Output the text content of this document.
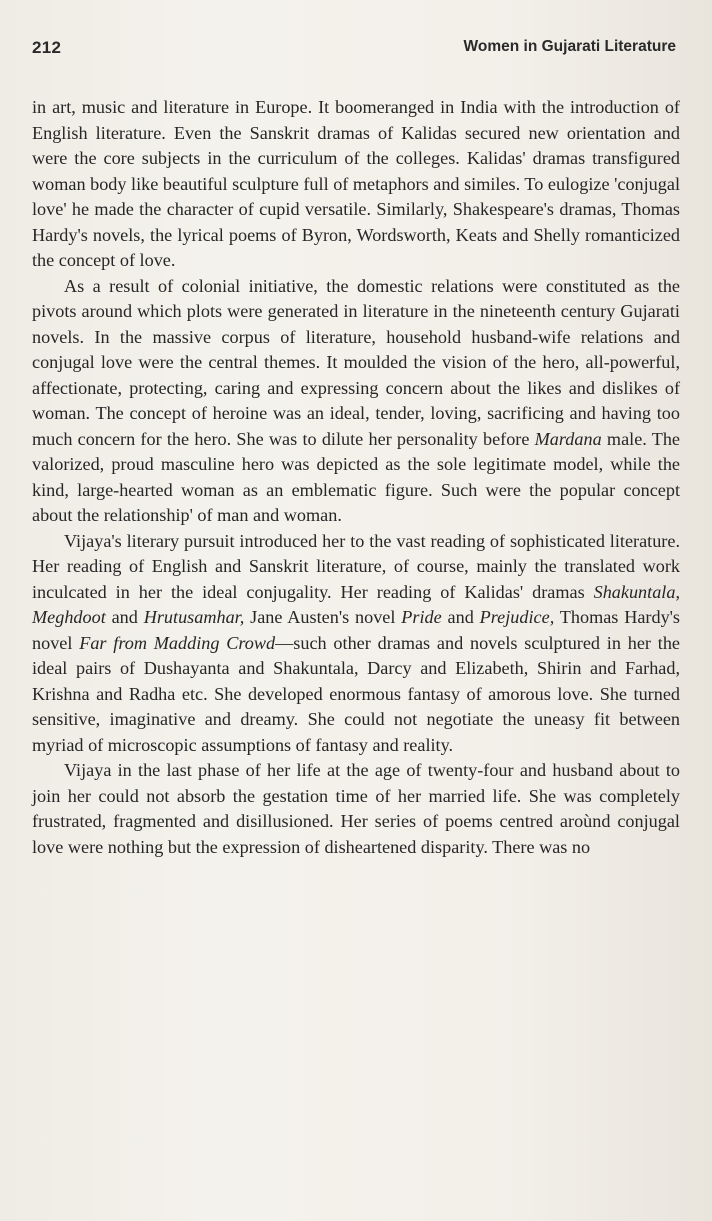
212	Women in Gujarati Literature

in art, music and literature in Europe. It boomeranged in India with the introduction of English literature. Even the Sanskrit dramas of Kalidas secured new orientation and were the core subjects in the curriculum of the colleges. Kalidas' dramas transfigured woman body like beautiful sculpture full of metaphors and similes. To eulogize 'conjugal love' he made the character of cupid versatile. Similarly, Shakespeare's dramas, Thomas Hardy's novels, the lyrical poems of Byron, Wordsworth, Keats and Shelly romanticized the concept of love.

As a result of colonial initiative, the domestic relations were constituted as the pivots around which plots were generated in literature in the nineteenth century Gujarati novels. In the massive corpus of literature, household husband-wife relations and conjugal love were the central themes. It moulded the vision of the hero, all-powerful, affectionate, protecting, caring and expressing concern about the likes and dislikes of woman. The concept of heroine was an ideal, tender, loving, sacrificing and having too much concern for the hero. She was to dilute her personality before Mardana male. The valorized, proud masculine hero was depicted as the sole legitimate model, while the kind, large-hearted woman as an emblematic figure. Such were the popular concept about the relationship' of man and woman.

Vijaya's literary pursuit introduced her to the vast reading of sophisticated literature. Her reading of English and Sanskrit literature, of course, mainly the translated work inculcated in her the ideal conjugality. Her reading of Kalidas' dramas Shakuntala, Meghdoot and Hrutusamhar, Jane Austen's novel Pride and Prejudice, Thomas Hardy's novel Far from Madding Crowd—such other dramas and novels sculptured in her the ideal pairs of Dushayanta and Shakuntala, Darcy and Elizabeth, Shirin and Farhad, Krishna and Radha etc. She developed enormous fantasy of amorous love. She turned sensitive, imaginative and dreamy. She could not negotiate the uneasy fit between myriad of microscopic assumptions of fantasy and reality.

Vijaya in the last phase of her life at the age of twenty-four and husband about to join her could not absorb the gestation time of her married life. She was completely frustrated, fragmented and disillusioned. Her series of poems centred aroùnd conjugal love were nothing but the expression of disheartened disparity. There was no
